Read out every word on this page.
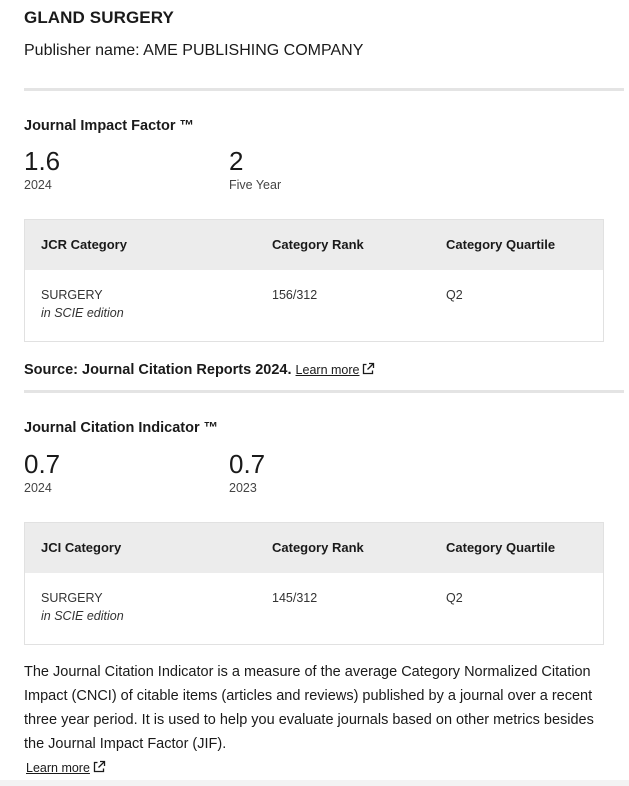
GLAND SURGERY
Publisher name: AME PUBLISHING COMPANY
Journal Impact Factor ™
1.6
2024
2
Five Year
JCR Category	Category Rank	Category Quartile
SURGERY
in SCIE edition
156/312	Q2
Source: Journal Citation Reports 2024. Learn more
Journal Citation Indicator ™
0.7
2024
0.7
2023
JCI Category	Category Rank	Category Quartile
SURGERY
in SCIE edition
145/312	Q2

The Journal Citation Indicator is a measure of the average Category Normalized Citation Impact (CNCI) of citable items (articles and reviews) published by a journal over a recent three year period. It is used to help you evaluate journals based on other metrics besides the Journal Impact Factor (JIF).

Learn more
